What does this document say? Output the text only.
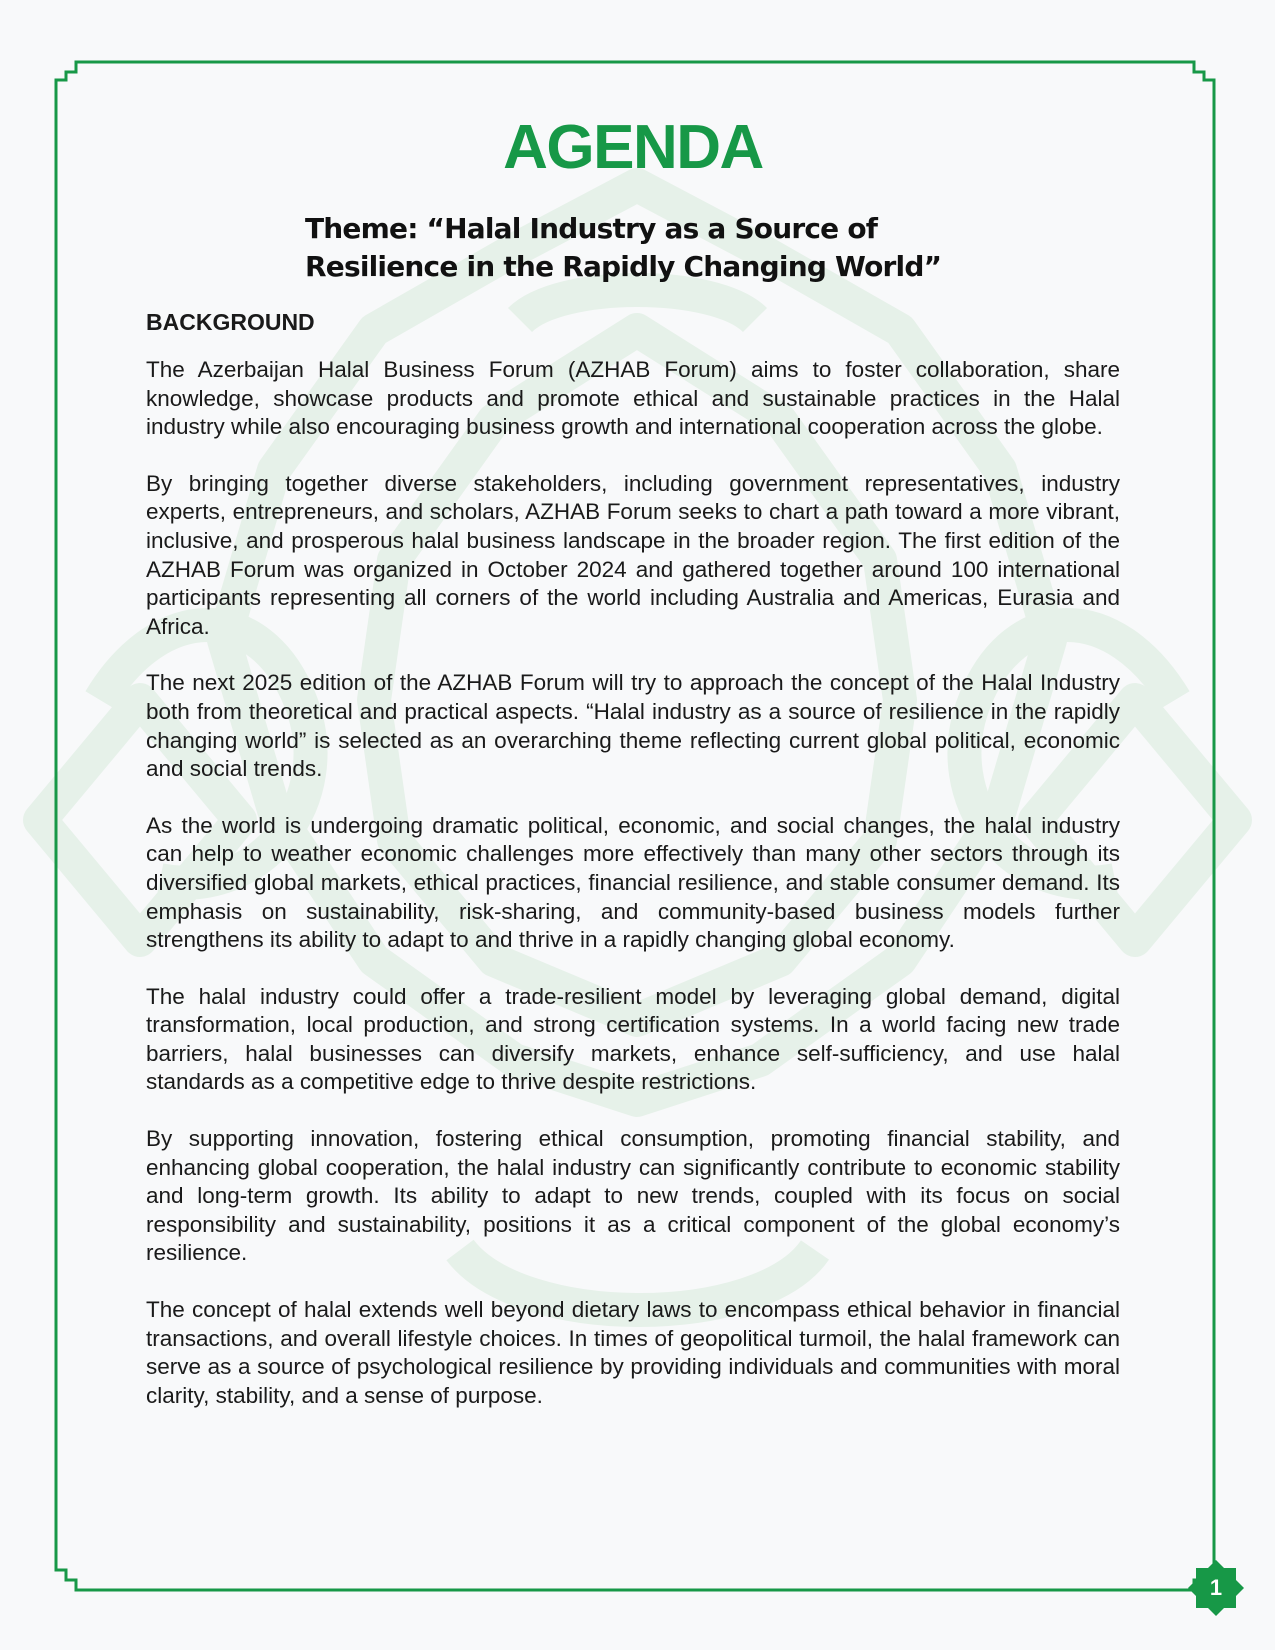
AGENDA
Theme: “Halal Industry as a Source of
Resilience in the Rapidly Changing World”
BACKGROUND

The Azerbaijan Halal Business Forum (AZHAB Forum) aims to foster collaboration, share knowledge, showcase products and promote ethical and sustainable practices in the Halal industry while also encouraging business growth and international cooperation across the globe.

By bringing together diverse stakeholders, including government representatives, industry experts, entrepreneurs, and scholars, AZHAB Forum seeks to chart a path toward a more vibrant, inclusive, and prosperous halal business landscape in the broader region. The first edition of the AZHAB Forum was organized in October 2024 and gathered together around 100 international participants representing all corners of the world including Australia and Americas, Eurasia and Africa.

The next 2025 edition of the AZHAB Forum will try to approach the concept of the Halal Industry both from theoretical and practical aspects. “Halal industry as a source of resilience in the rapidly changing world” is selected as an overarching theme reflecting current global political, economic and social trends.

As the world is undergoing dramatic political, economic, and social changes, the halal industry can help to weather economic challenges more effectively than many other sectors through its diversified global markets, ethical practices, financial resilience, and stable consumer demand. Its emphasis on sustainability, risk-sharing, and community-based business models further strengthens its ability to adapt to and thrive in a rapidly changing global economy.

The halal industry could offer a trade-resilient model by leveraging global demand, digital transformation, local production, and strong certification systems. In a world facing new trade barriers, halal businesses can diversify markets, enhance self-sufficiency, and use halal standards as a competitive edge to thrive despite restrictions.

By supporting innovation, fostering ethical consumption, promoting financial stability, and enhancing global cooperation, the halal industry can significantly contribute to economic stability and long-term growth. Its ability to adapt to new trends, coupled with its focus on social responsibility and sustainability, positions it as a critical component of the global economy’s resilience.

The concept of halal extends well beyond dietary laws to encompass ethical behavior in financial transactions, and overall lifestyle choices. In times of geopolitical turmoil, the halal framework can serve as a source of psychological resilience by providing individuals and communities with moral clarity, stability, and a sense of purpose.

1
